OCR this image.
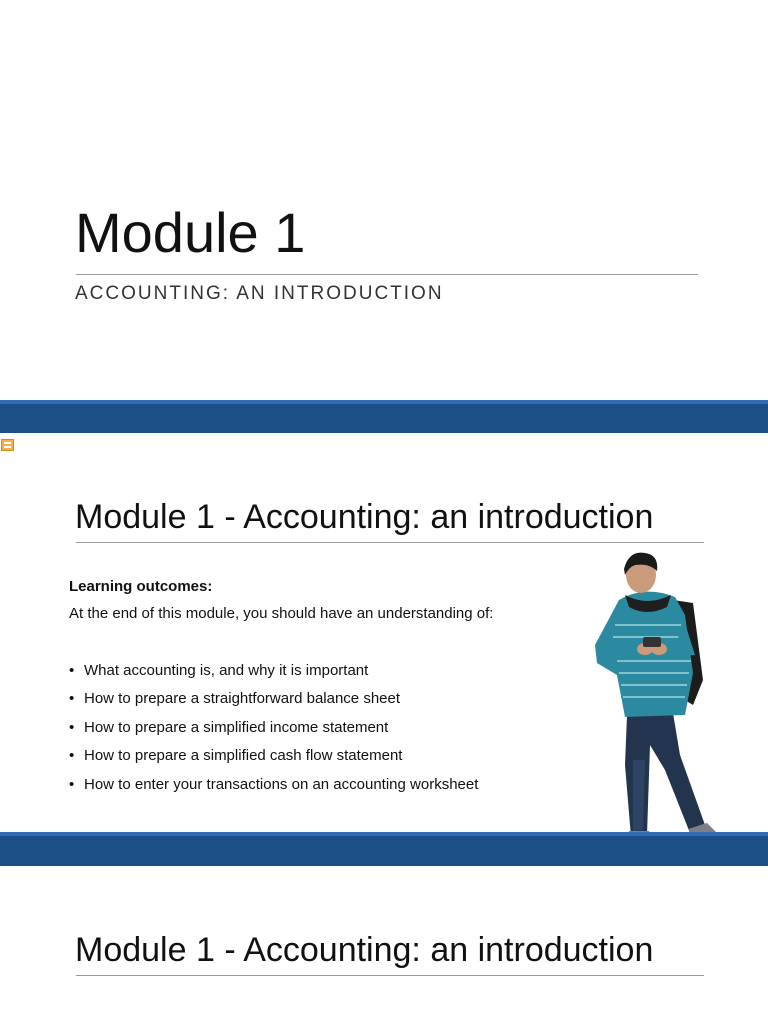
Module 1
ACCOUNTING: AN INTRODUCTION
Module 1 - Accounting: an introduction
Learning outcomes:
At the end of this module, you should have an understanding of:
• What accounting is, and why it is important
• How to prepare a straightforward balance sheet
• How to prepare a simplified income statement
• How to prepare a simplified cash flow statement
• How to enter your transactions on an accounting worksheet
Module 1 - Accounting: an introduction
